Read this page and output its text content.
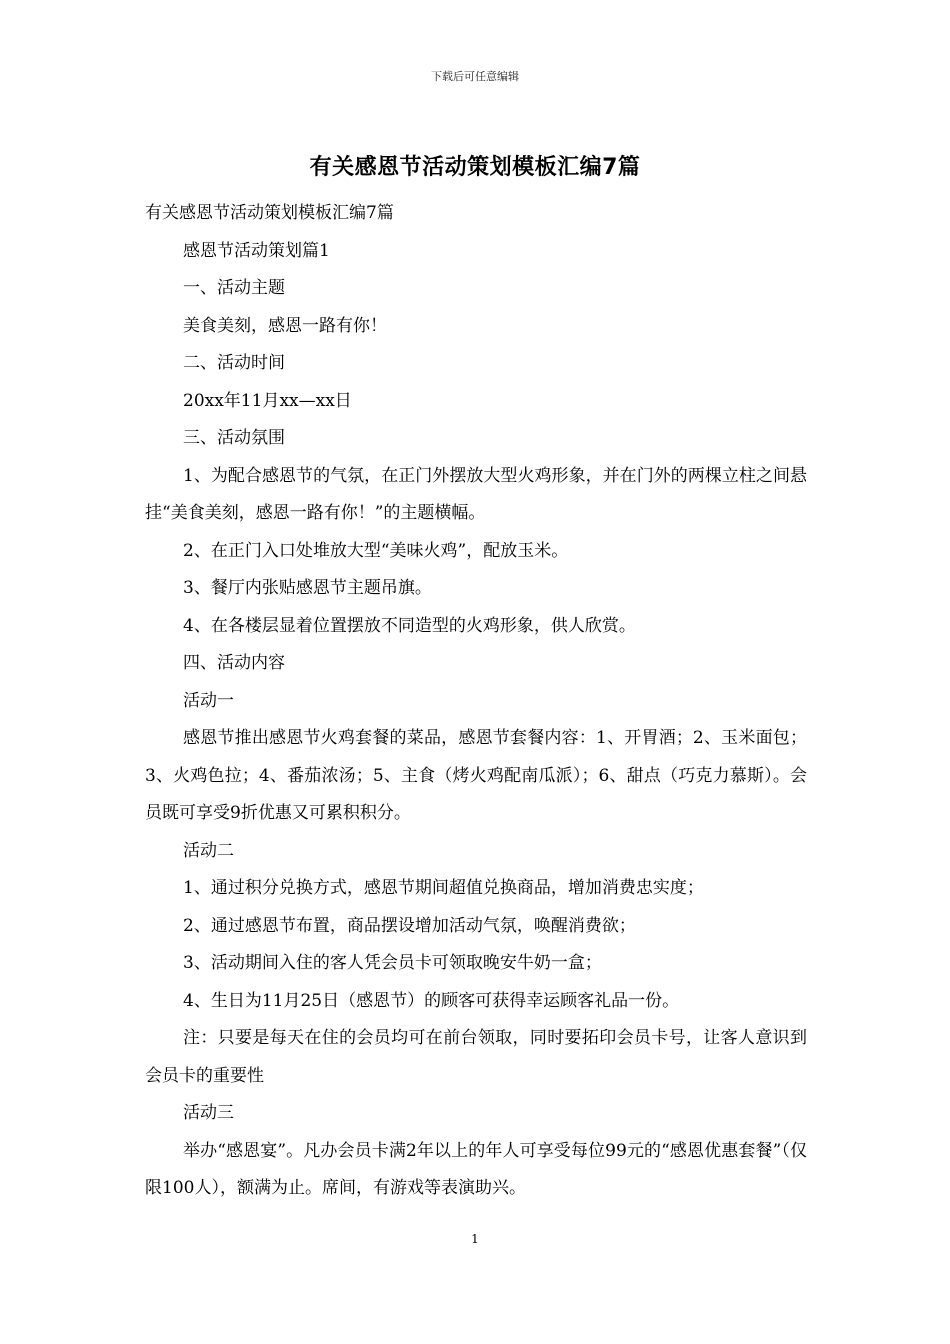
下载后可任意编辑
有关感恩节活动策划模板汇编7篇

有关感恩节活动策划模板汇编7篇

感恩节活动策划篇1

一、活动主题

美食美刻，感恩一路有你！

二、活动时间

20xx年11月xx—xx日

三、活动氛围

1、为配合感恩节的气氛，在正门外摆放大型火鸡形象，并在门外的两棵立柱之间悬挂“美食美刻，感恩一路有你！”的主题横幅。

2、在正门入口处堆放大型“美味火鸡”，配放玉米。

3、餐厅内张贴感恩节主题吊旗。

4、在各楼层显着位置摆放不同造型的火鸡形象，供人欣赏。

四、活动内容

活动一

感恩节推出感恩节火鸡套餐的菜品，感恩节套餐内容：1、开胃酒；2、玉米面包；3、火鸡色拉；4、番茄浓汤；5、主食（烤火鸡配南瓜派）；6、甜点（巧克力慕斯）。会员既可享受9折优惠又可累积积分。

活动二

1、通过积分兑换方式，感恩节期间超值兑换商品，增加消费忠实度；

2、通过感恩节布置，商品摆设增加活动气氛，唤醒消费欲；

3、活动期间入住的客人凭会员卡可领取晚安牛奶一盒；

4、生日为11月25日（感恩节）的顾客可获得幸运顾客礼品一份。

注：只要是每天在住的会员均可在前台领取，同时要拓印会员卡号，让客人意识到会员卡的重要性

活动三

举办“感恩宴”。凡办会员卡满2年以上的年人可享受每位99元的“感恩优惠套餐”（仅限100人），额满为止。席间，有游戏等表演助兴。

1
